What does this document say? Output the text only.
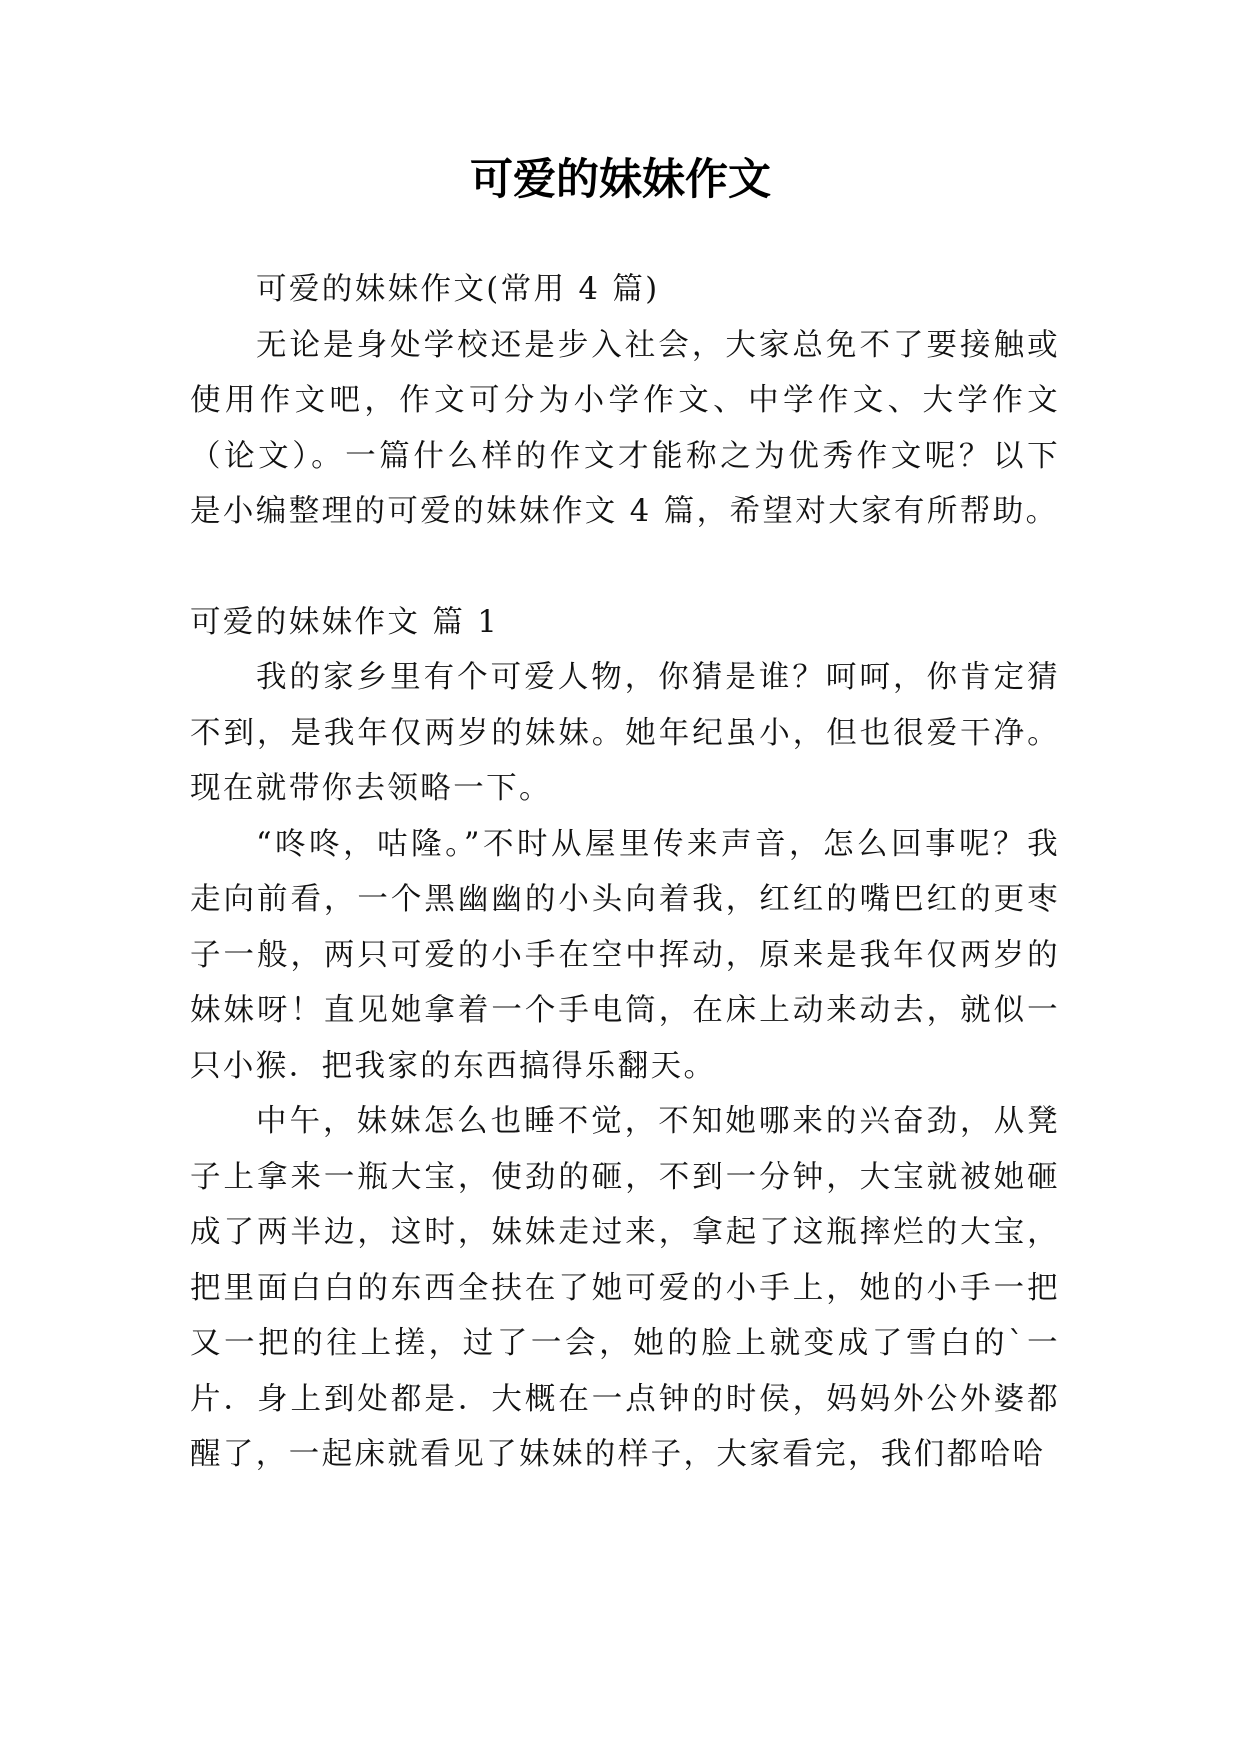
可爱的妹妹作文

可爱的妹妹作文(常用 4 篇)

无论是身处学校还是步入社会，大家总免不了要接触或使用作文吧，作文可分为小学作文、中学作文、大学作文（论文）。一篇什么样的作文才能称之为优秀作文呢？以下是小编整理的可爱的妹妹作文 4 篇，希望对大家有所帮助。

可爱的妹妹作文 篇 1

我的家乡里有个可爱人物，你猜是谁？呵呵，你肯定猜不到，是我年仅两岁的妹妹。她年纪虽小，但也很爱干净。现在就带你去领略一下。

“咚咚，咕隆。”不时从屋里传来声音，怎么回事呢？我走向前看，一个黑幽幽的小头向着我，红红的嘴巴红的更枣子一般，两只可爱的小手在空中挥动，原来是我年仅两岁的妹妹呀！直见她拿着一个手电筒，在床上动来动去，就似一只小猴．把我家的东西搞得乐翻天。

中午，妹妹怎么也睡不觉，不知她哪来的兴奋劲，从凳子上拿来一瓶大宝，使劲的砸，不到一分钟，大宝就被她砸成了两半边，这时，妹妹走过来，拿起了这瓶摔烂的大宝，把里面白白的东西全扶在了她可爱的小手上，她的小手一把又一把的往上搓，过了一会，她的脸上就变成了雪白的`一片．身上到处都是．大概在一点钟的时侯，妈妈外公外婆都醒了，一起床就看见了妹妹的样子，大家看完，我们都哈哈
